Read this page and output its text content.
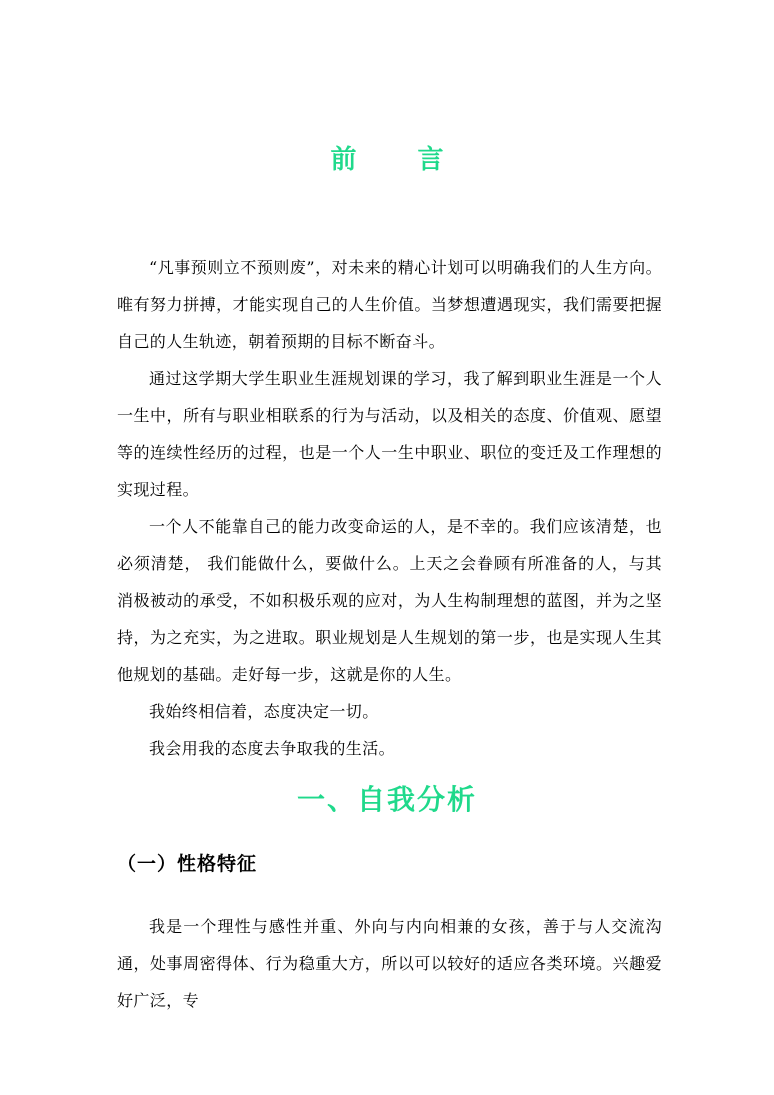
前 言

“凡事预则立不预则废”，对未来的精心计划可以明确我们的人生方向。唯有努力拼搏，才能实现自己的人生价值。当梦想遭遇现实，我们需要把握自己的人生轨迹，朝着预期的目标不断奋斗。

通过这学期大学生职业生涯规划课的学习，我了解到职业生涯是一个人一生中，所有与职业相联系的行为与活动，以及相关的态度、价值观、愿望等的连续性经历的过程，也是一个人一生中职业、职位的变迁及工作理想的实现过程。

一个人不能靠自己的能力改变命运的人，是不幸的。我们应该清楚，也必须清楚， 我们能做什么，要做什么。上天之会眷顾有所准备的人，与其消极被动的承受，不如积极乐观的应对，为人生构制理想的蓝图，并为之坚持，为之充实，为之进取。职业规划是人生规划的第一步，也是实现人生其他规划的基础。走好每一步，这就是你的人生。

我始终相信着，态度决定一切。

我会用我的态度去争取我的生活。

一、自我分析
（一）性格特征

我是一个理性与感性并重、外向与内向相兼的女孩，善于与人交流沟通，处事周密得体、行为稳重大方，所以可以较好的适应各类环境。兴趣爱好广泛，专
